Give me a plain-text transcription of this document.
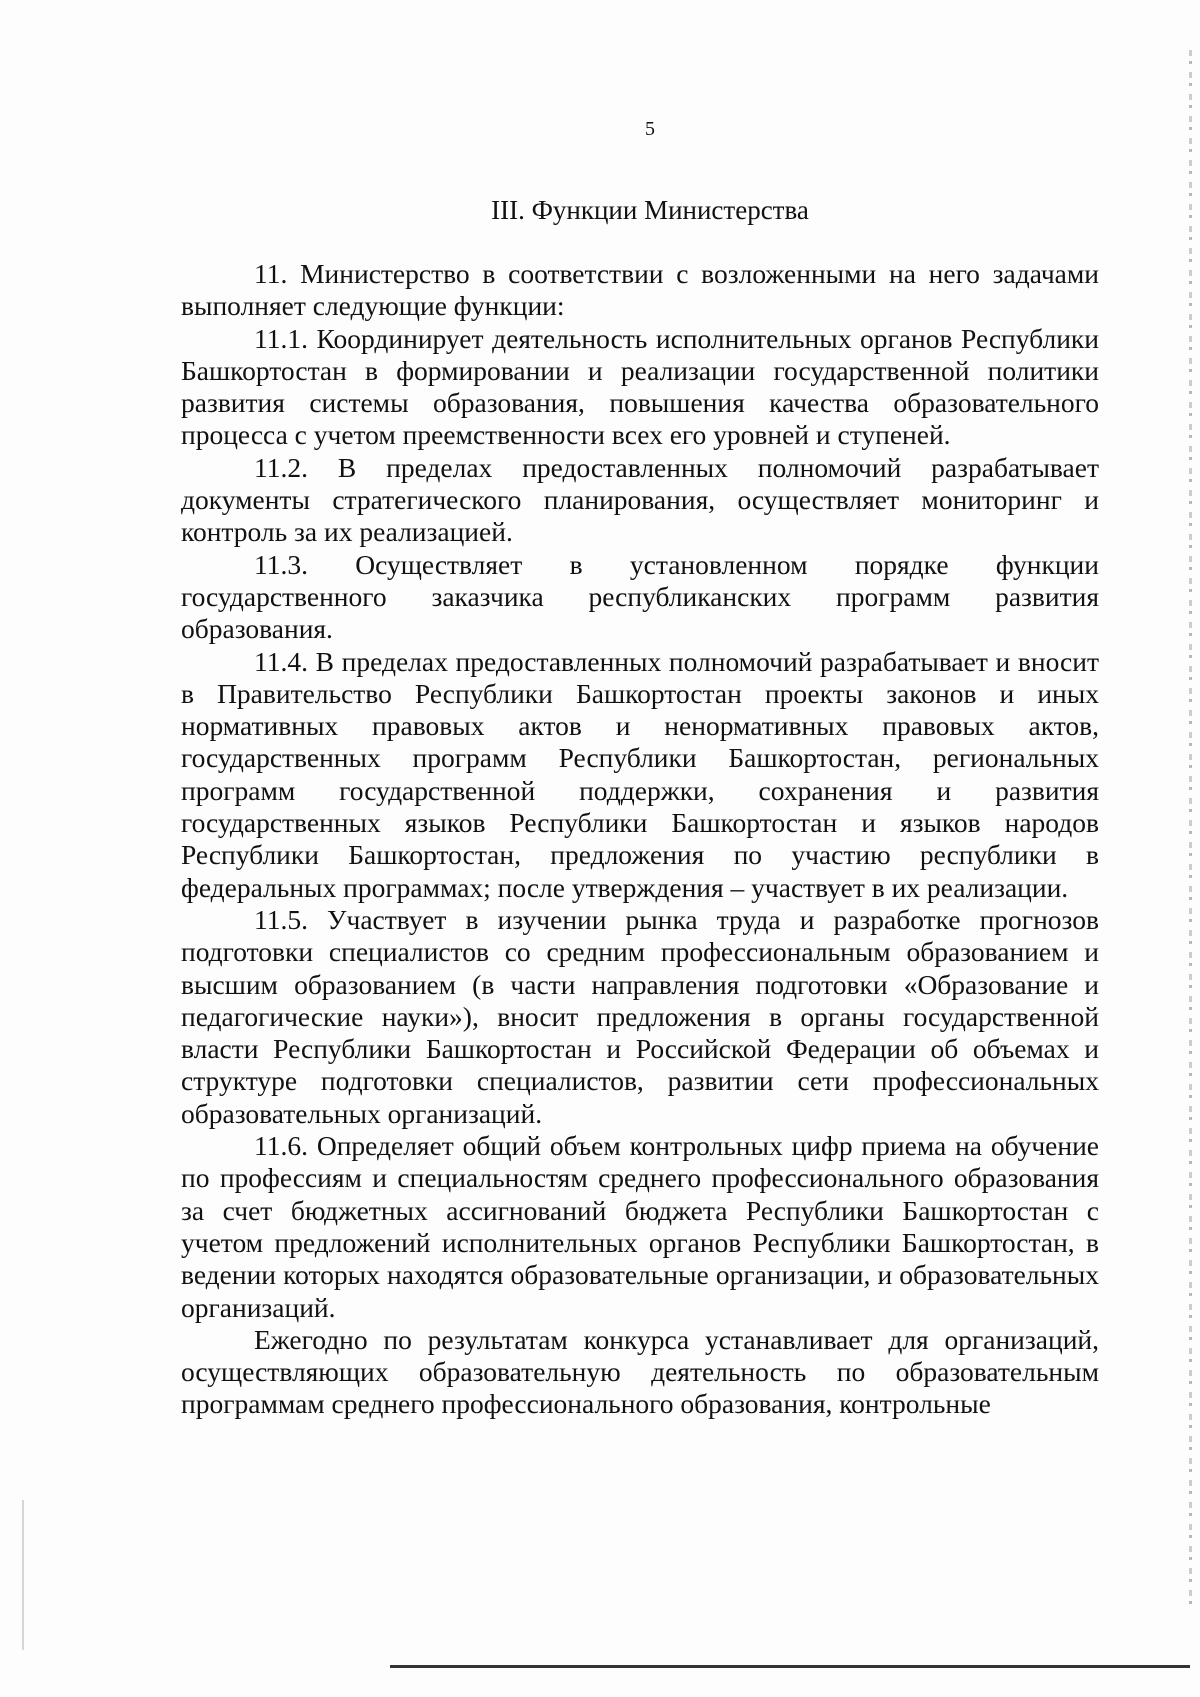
5

III. Функции Министерства

11. Министерство в соответствии с возложенными на него задачами выполняет следующие функции:

11.1. Координирует деятельность исполнительных органов Республики Башкортостан в формировании и реализации государственной политики развития системы образования, повышения качества образовательного процесса с учетом преемственности всех его уровней и ступеней.

11.2. В пределах предоставленных полномочий разрабатывает документы стратегического планирования, осуществляет мониторинг и контроль за их реализацией.

11.3. Осуществляет в установленном порядке функции государственного заказчика республиканских программ развития образования.

11.4. В пределах предоставленных полномочий разрабатывает и вносит в Правительство Республики Башкортостан проекты законов и иных нормативных правовых актов и ненормативных правовых актов, государственных программ Республики Башкортостан, региональных программ государственной поддержки, сохранения и развития государственных языков Республики Башкортостан и языков народов Республики Башкортостан, предложения по участию республики в федеральных программах; после утверждения – участвует в их реализации.

11.5. Участвует в изучении рынка труда и разработке прогнозов подготовки специалистов со средним профессиональным образованием и высшим образованием (в части направления подготовки «Образование и педагогические науки»), вносит предложения в органы государственной власти Республики Башкортостан и Российской Федерации об объемах и структуре подготовки специалистов, развитии сети профессиональных образовательных организаций.

11.6. Определяет общий объем контрольных цифр приема на обучение по профессиям и специальностям среднего профессионального образования за счет бюджетных ассигнований бюджета Республики Башкортостан с учетом предложений исполнительных органов Республики Башкортостан, в ведении которых находятся образовательные организации, и образовательных организаций.

Ежегодно по результатам конкурса устанавливает для организаций, осуществляющих образовательную деятельность по образовательным программам среднего профессионального образования, контрольные
